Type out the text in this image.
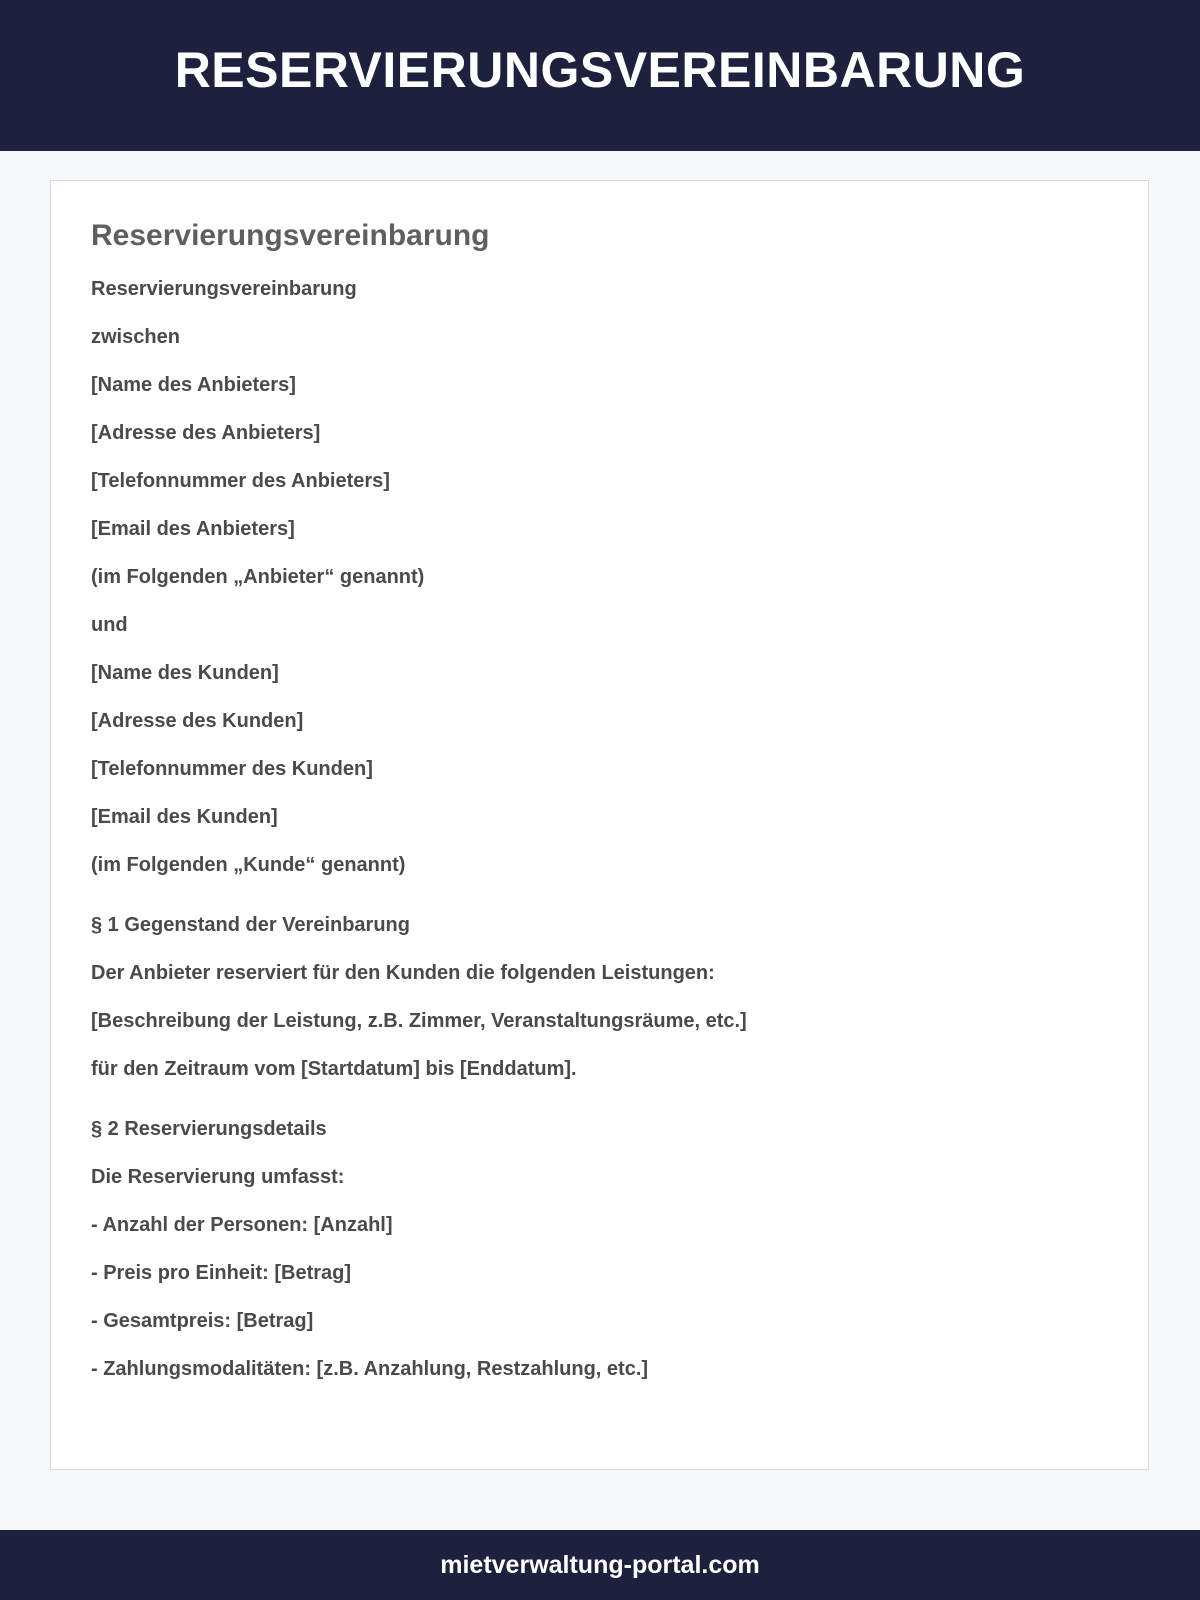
RESERVIERUNGSVEREINBARUNG
Reservierungsvereinbarung

Reservierungsvereinbarung

zwischen

[Name des Anbieters]

[Adresse des Anbieters]

[Telefonnummer des Anbieters]

[Email des Anbieters]

(im Folgenden „Anbieter“ genannt)

und

[Name des Kunden]

[Adresse des Kunden]

[Telefonnummer des Kunden]

[Email des Kunden]

(im Folgenden „Kunde“ genannt)

§ 1 Gegenstand der Vereinbarung

Der Anbieter reserviert für den Kunden die folgenden Leistungen:

[Beschreibung der Leistung, z.B. Zimmer, Veranstaltungsräume, etc.]

für den Zeitraum vom [Startdatum] bis [Enddatum].

§ 2 Reservierungsdetails

Die Reservierung umfasst:

- Anzahl der Personen: [Anzahl]

- Preis pro Einheit: [Betrag]

- Gesamtpreis: [Betrag]

- Zahlungsmodalitäten: [z.B. Anzahlung, Restzahlung, etc.]

mietverwaltung-portal.com
